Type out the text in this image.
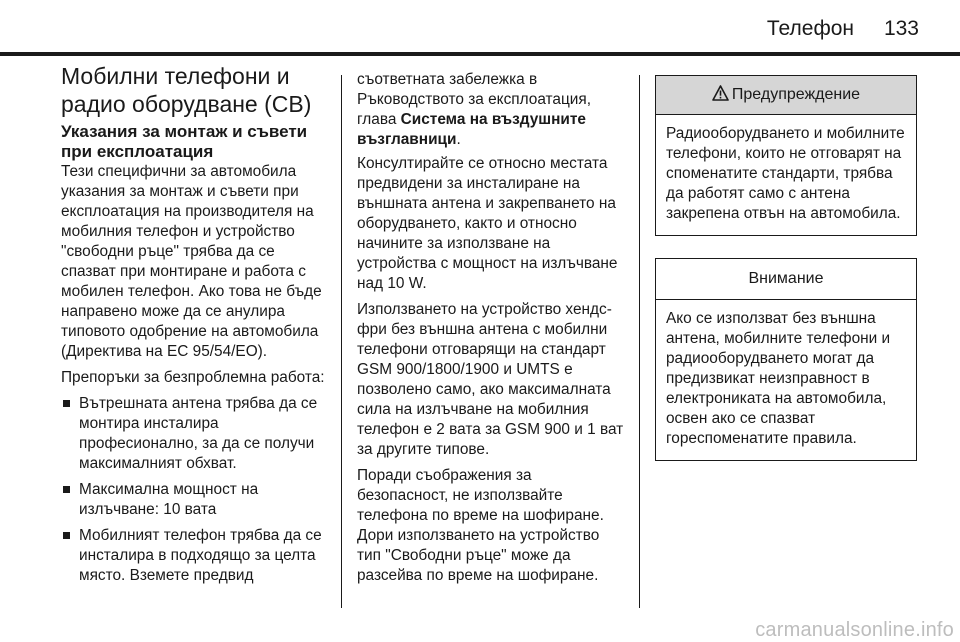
Телефон 133
Мобилни телефони и радио оборудване (CB)
Указания за монтаж и съвети при експлоатация

Тези специфични за автомобила указания за монтаж и съвети при експлоатация на производителя на мобилния телефон и устройство "свободни ръце" трябва да се спазват при монтиране и работа с мобилен телефон. Ако това не бъде направено може да се анулира типовото одобрение на автомобила (Директива на ЕС 95/54/ЕО).

Препоръки за безпроблемна работа:

Вътрешната антена трябва да се монтира инсталира професионално, за да се получи максималният обхват.
Максимална мощност на излъчване: 10 вата
Мобилният телефон трябва да се инсталира в подходящо за целта място. Вземете предвид

съответната забележка в Ръководството за експлоатация, глава Система на въздушните възглавници.

Консултирайте се относно местата предвидени за инсталиране на външната антена и закрепването на оборудването, както и относно начините за използване на устройства с мощност на излъчване над 10 W.

Използването на устройство хендс-фри без външна антена с мобилни телефони отговарящи на стандарт GSM 900/1800/1900 и UMTS е позволено само, ако максималната сила на излъчване на мобилния телефон е 2 вата за GSM 900 и 1 ват за другите типове.

Поради съображения за безопасност, не използвайте телефона по време на шофиране. Дори използването на устройство тип "Свободни ръце" може да разсейва по време на шофиране.

Предупреждение
Радиооборудването и мобилните телефони, които не отговарят на споменатите стандарти, трябва да работят само с антена закрепена отвън на автомобила.
Внимание
Ако се използват без външна антена, мобилните телефони и радиооборудването могат да предизвикат неизправност в електрониката на автомобила, освен ако се спазват гореспоменатите правила.
carmanualsonline.info
